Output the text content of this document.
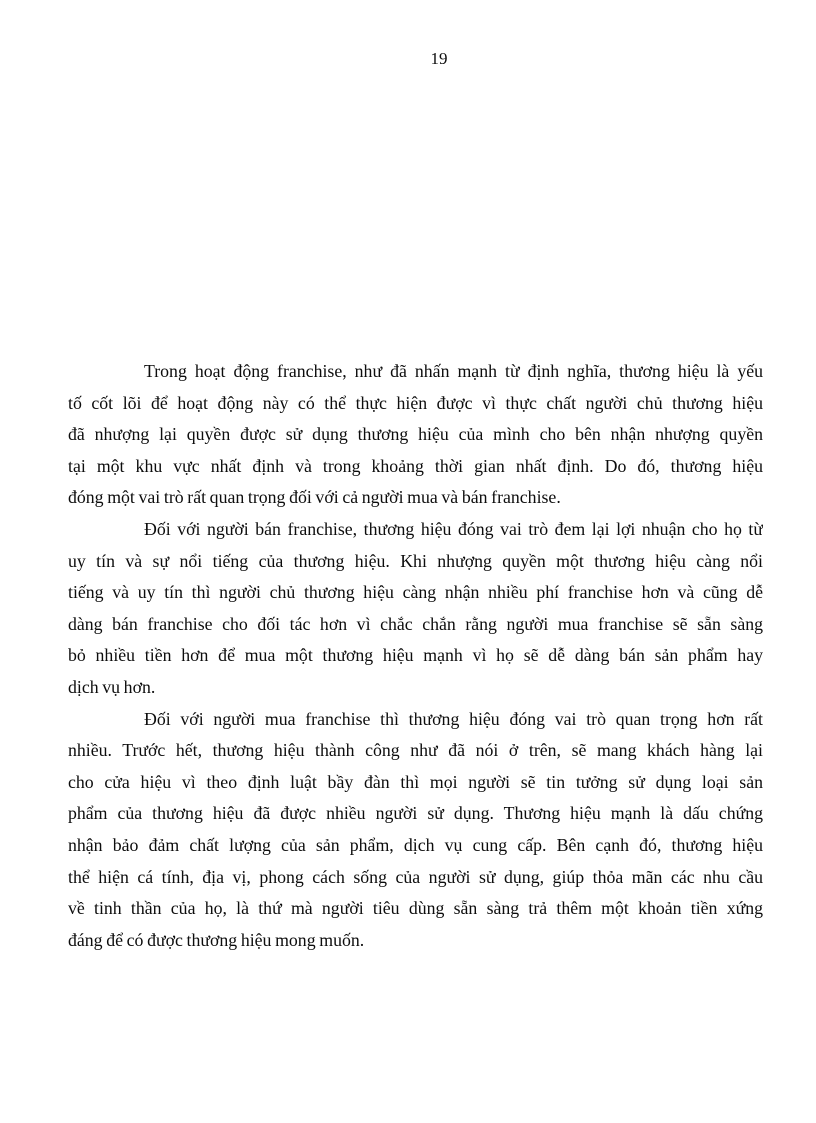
19
Trong hoạt động franchise, như đã nhấn mạnh từ định nghĩa, thương hiệu là yếu
tố cốt lõi để hoạt động này có thể thực hiện được vì thực chất người chủ thương hiệu
đã nhượng lại quyền được sử dụng thương hiệu của mình cho bên nhận nhượng quyền
tại một khu vực nhất định và trong khoảng thời gian nhất định. Do đó, thương hiệu
đóng một vai trò rất quan trọng đối với cả người mua và bán franchise.
Đối với người bán franchise, thương hiệu đóng vai trò đem lại lợi nhuận cho họ từ
uy tín và sự nổi tiếng của thương hiệu. Khi nhượng quyền một thương hiệu càng nổi
tiếng và uy tín thì người chủ thương hiệu càng nhận nhiều phí franchise hơn và cũng dễ
dàng bán franchise cho đối tác hơn vì chắc chắn rằng người mua franchise sẽ sẵn sàng
bỏ nhiều tiền hơn để mua một thương hiệu mạnh vì họ sẽ dễ dàng bán sản phẩm hay
dịch vụ hơn.
Đối với người mua franchise thì thương hiệu đóng vai trò quan trọng hơn rất
nhiều. Trước hết, thương hiệu thành công như đã nói ở trên, sẽ mang khách hàng lại
cho cửa hiệu vì theo định luật bầy đàn thì mọi người sẽ tin tưởng sử dụng loại sản
phẩm của thương hiệu đã được nhiều người sử dụng. Thương hiệu mạnh là dấu chứng
nhận bảo đảm chất lượng của sản phẩm, dịch vụ cung cấp. Bên cạnh đó, thương hiệu
thể hiện cá tính, địa vị, phong cách sống của người sử dụng, giúp thỏa mãn các nhu cầu
về tinh thần của họ, là thứ mà người tiêu dùng sẵn sàng trả thêm một khoản tiền xứng
đáng để có được thương hiệu mong muốn.
